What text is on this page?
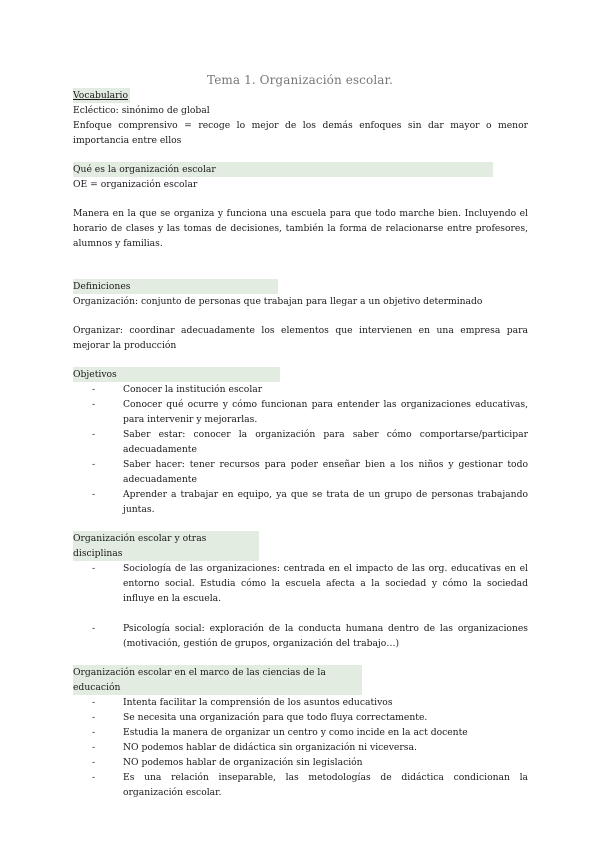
Tema 1. Organización escolar.
Vocabulario

Ecléctico: sinónimo de global

Enfoque comprensivo = recoge lo mejor de los demás enfoques sin dar mayor o menor importancia entre ellos

Qué es la organización escolar

OE = organización escolar

Manera en la que se organiza y funciona una escuela para que todo marche bien. Incluyendo el horario de clases y las tomas de decisiones, también la forma de relacionarse entre profesores, alumnos y familias.

Definiciones

Organización: conjunto de personas que trabajan para llegar a un objetivo determinado

Organizar: coordinar adecuadamente los elementos que intervienen en una empresa para mejorar la producción

Objetivos
- Conocer la institución escolar
- Conocer qué ocurre y cómo funcionan para entender las organizaciones educativas, para intervenir y mejorarlas.
- Saber estar: conocer la organización para saber cómo comportarse/participar adecuadamente
- Saber hacer: tener recursos para poder enseñar bien a los niños y gestionar todo adecuadamente
- Aprender a trabajar en equipo, ya que se trata de un grupo de personas trabajando juntas.
Organización escolar y otras disciplinas
- Sociología de las organizaciones: centrada en el impacto de las org. educativas en el entorno social. Estudia cómo la escuela afecta a la sociedad y cómo la sociedad influye en la escuela.
- Psicología social: exploración de la conducta humana dentro de las organizaciones (motivación, gestión de grupos, organización del trabajo…)
Organización escolar en el marco de las ciencias de la educación
- Intenta facilitar la comprensión de los asuntos educativos
- Se necesita una organización para que todo fluya correctamente.
- Estudia la manera de organizar un centro y como incide en la act docente
- NO podemos hablar de didáctica sin organización ni viceversa.
- NO podemos hablar de organización sin legislación
- Es una relación inseparable, las metodologías de didáctica condicionan la organización escolar.
